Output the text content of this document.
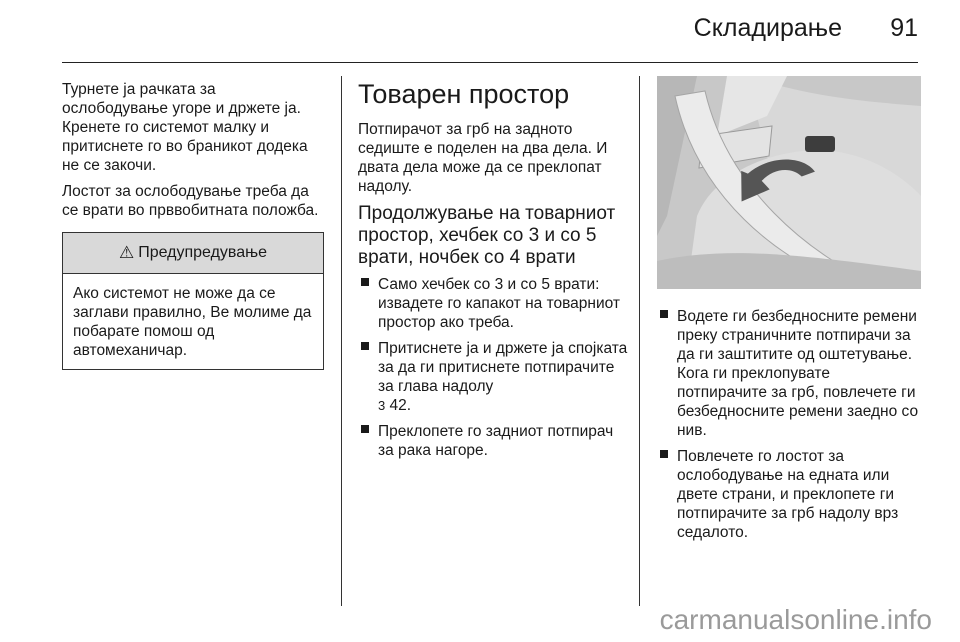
Складирање 91

Турнете ја рачката за ослободување угоре и држете ја. Кренете го системот малку и притиснете го во браникот додека не се закочи.

Лостот за ослободување треба да се врати во прввобитната положба.

⚠ Предупредување
Ако системот не може да се заглави правилно, Ве молиме да побарате помош од автомеханичар.
Товарен простор

Потпирачот за грб на задното седиште е поделен на два дела. И двата дела може да се преклопат надолу.

Продолжување на товарниот простор, хечбек со 3 и со 5 врати, ночбек со 4 врати
Само хечбек со 3 и со 5 врати: извадете го капакот на товарниот простор ако треба.
Притиснете ја и држете ја спојката за да ги притиснете потпирачите за глава надолу
3 42.
Преклопете го задниот потпирач за рака нагоре.
Водете ги безбедносните ремени преку страничните потпирачи за да ги заштитите од оштетување. Кога ги преклопувате потпирачите за грб, повлечете ги безбедносните ремени заедно со нив.
Повлечете го лостот за ослободување на едната или двете страни, и преклопете ги потпирачите за грб надолу врз седалото.
carmanualsonline.info
